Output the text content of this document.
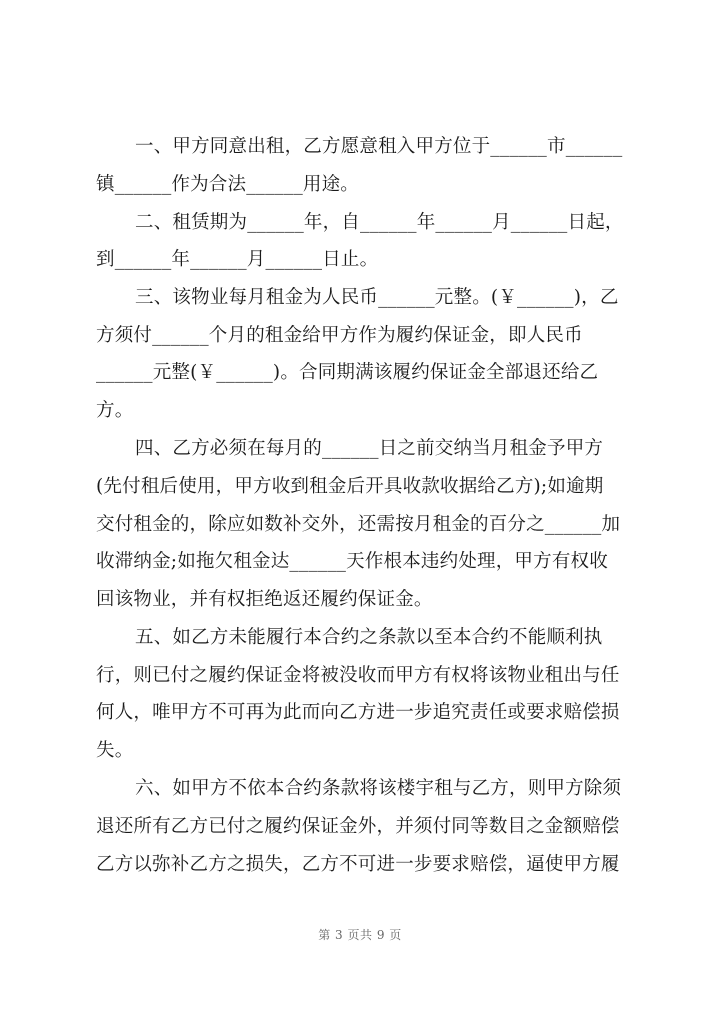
一、甲方同意出租，乙方愿意租入甲方位于______市______
镇______作为合法______用途。
二、租赁期为______年，自______年______月______日起，
到______年______月______日止。
三、该物业每月租金为人民币______元整。(￥______)，乙
方须付______个月的租金给甲方作为履约保证金，即人民币
______元整(￥______)。合同期满该履约保证金全部退还给乙
方。
四、乙方必须在每月的______日之前交纳当月租金予甲方
(先付租后使用，甲方收到租金后开具收款收据给乙方);如逾期
交付租金的，除应如数补交外，还需按月租金的百分之______加
收滞纳金;如拖欠租金达______天作根本违约处理，甲方有权收
回该物业，并有权拒绝返还履约保证金。
五、如乙方未能履行本合约之条款以至本合约不能顺利执
行，则已付之履约保证金将被没收而甲方有权将该物业租出与任
何人，唯甲方不可再为此而向乙方进一步追究责任或要求赔偿损
失。
六、如甲方不依本合约条款将该楼宇租与乙方，则甲方除须
退还所有乙方已付之履约保证金外，并须付同等数目之金额赔偿
乙方以弥补乙方之损失，乙方不可进一步要求赔偿，逼使甲方履
第 3 页共 9 页
